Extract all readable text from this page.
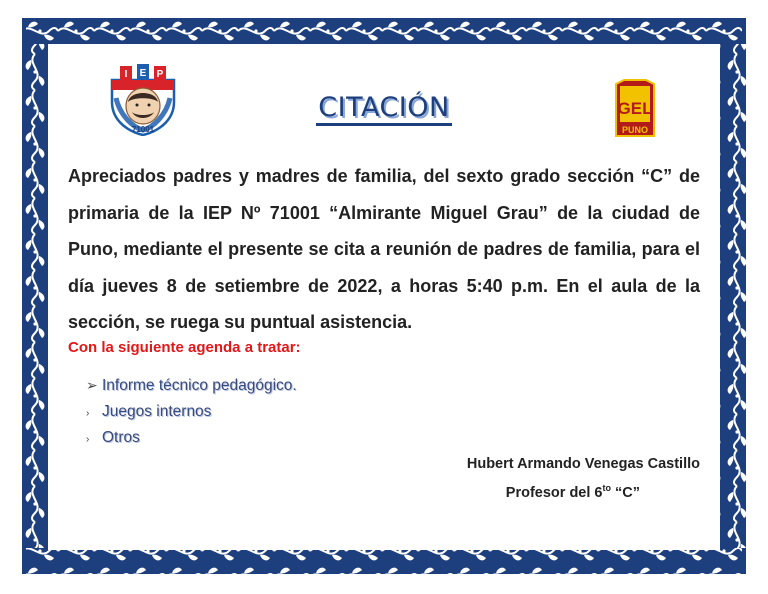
I E P
71001
GEL
PUNO
CITACIÓN
Apreciados padres y madres de familia, del sexto grado sección “C” de primaria de la IEP Nº 71001 “Almirante Miguel Grau” de la ciudad de Puno, mediante el presente se cita a reunión de padres de familia, para el día jueves 8 de setiembre de 2022, a horas 5:40 p.m. En el aula de la sección, se ruega su puntual asistencia.
Con la siguiente agenda a tratar:
➢ Informe técnico pedagógico.
› Juegos internos
› Otros
Hubert Armando Venegas Castillo
Profesor del $6^{to}$ “C”
